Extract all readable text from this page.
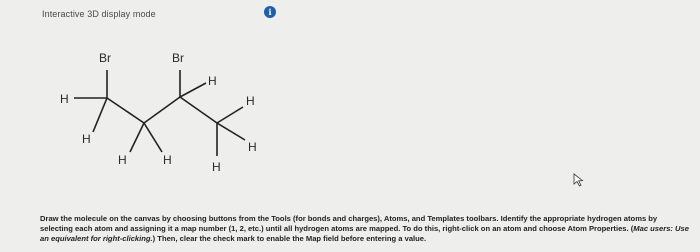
Interactive 3D display mode	i
Br	Br
H
H
H	H
H
H
H
H
Draw the molecule on the canvas by choosing buttons from the Tools (for bonds and charges), Atoms, and Templates toolbars. Identify the appropriate hydrogen atoms by selecting each atom and assigning it a map number (1, 2, etc.) until all hydrogen atoms are mapped. To do this, right-click on an atom and choose Atom Properties. (Mac users: Use an equivalent for right-clicking.) Then, clear the check mark to enable the Map field before entering a value.
